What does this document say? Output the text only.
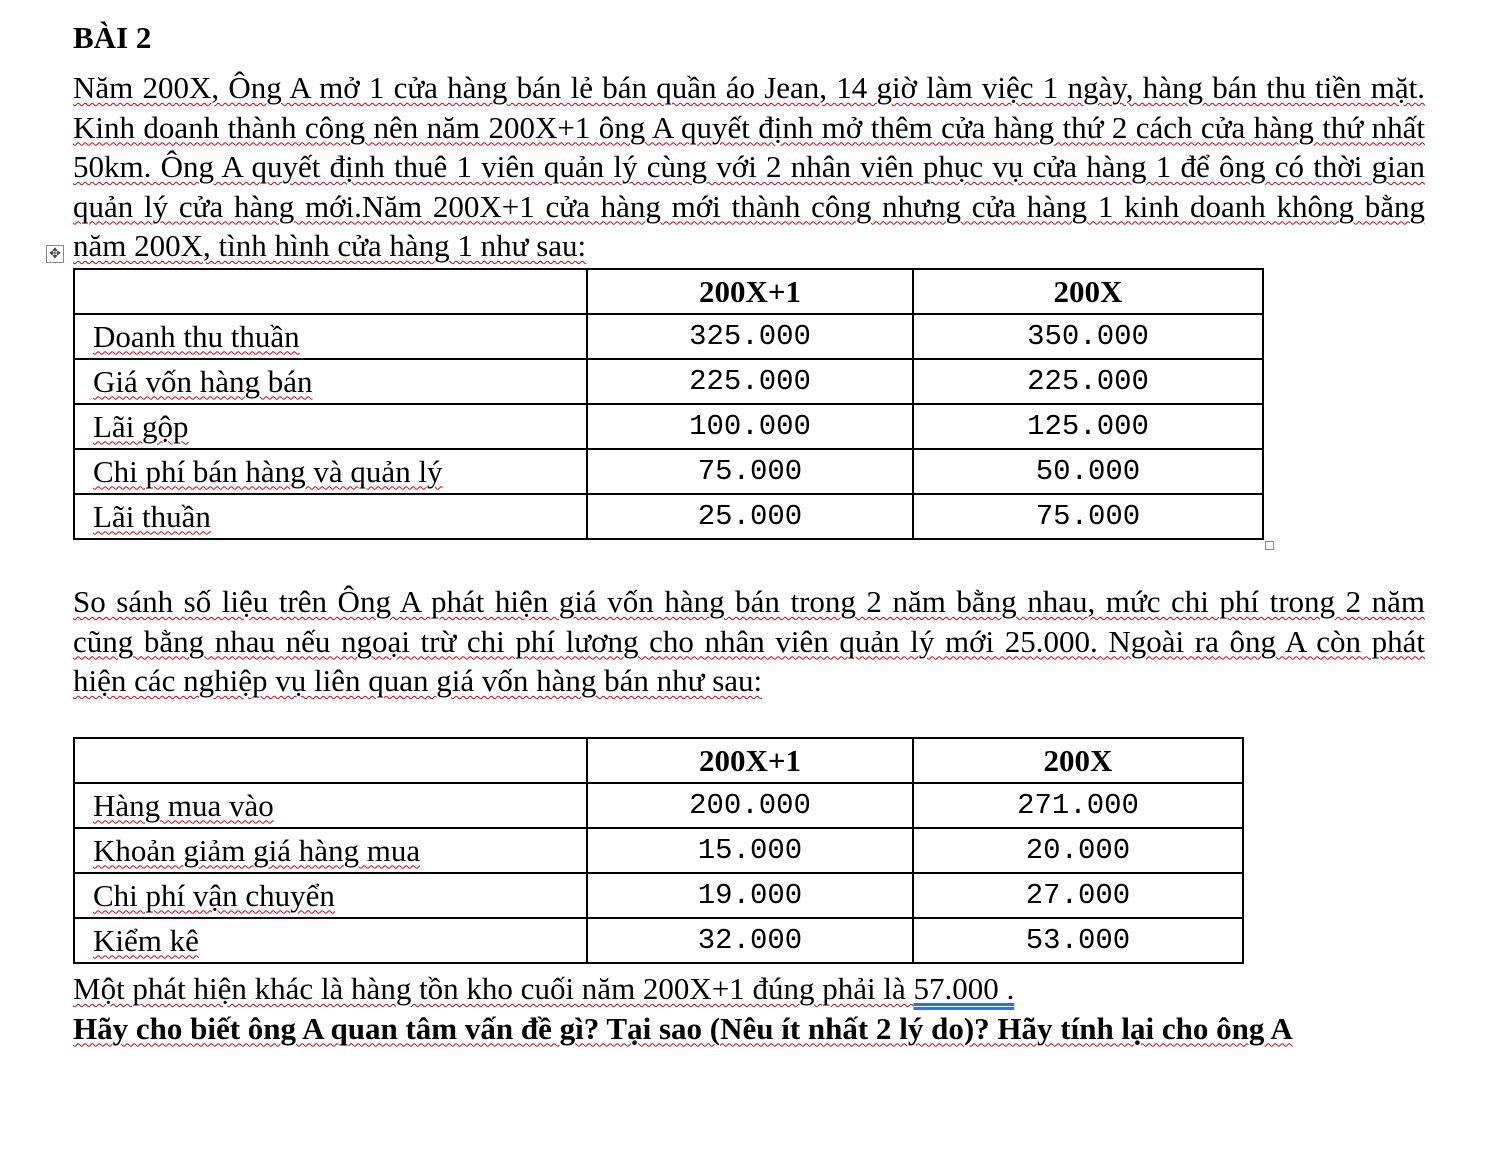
BÀI 2

Năm 200X, Ông A mở 1 cửa hàng bán lẻ bán quần áo Jean, 14 giờ làm việc 1 ngày, hàng bán thu tiền mặt. Kinh doanh thành công nên năm 200X+1 ông A quyết định mở thêm cửa hàng thứ 2 cách cửa hàng thứ nhất 50km. Ông A quyết định thuê 1 viên quản lý cùng với 2 nhân viên phục vụ cửa hàng 1 để ông có thời gian quản lý cửa hàng mới.Năm 200X+1 cửa hàng mới thành công nhưng cửa hàng 1 kinh doanh không bằng năm 200X, tình hình cửa hàng 1 như sau:

✥
	200X+1	200X
Doanh thu thuần	325.000	350.000
Giá vốn hàng bán	225.000	225.000
Lãi gộp	100.000	125.000
Chi phí bán hàng và quản lý	75.000	50.000
Lãi thuần	25.000	75.000

So sánh số liệu trên Ông A phát hiện giá vốn hàng bán trong 2 năm bằng nhau, mức chi phí trong 2 năm cũng bằng nhau nếu ngoại trừ chi phí lương cho nhân viên quản lý mới 25.000. Ngoài ra ông A còn phát hiện các nghiệp vụ liên quan giá vốn hàng bán như sau:

	200X+1	200X
Hàng mua vào	200.000	271.000
Khoản giảm giá hàng mua	15.000	20.000
Chi phí vận chuyển	19.000	27.000
Kiểm kê	32.000	53.000

Một phát hiện khác là hàng tồn kho cuối năm 200X+1 đúng phải là 57.000 .

Hãy cho biết ông A quan tâm vấn đề gì? Tại sao (Nêu ít nhất 2 lý do)? Hãy tính lại cho ông A
